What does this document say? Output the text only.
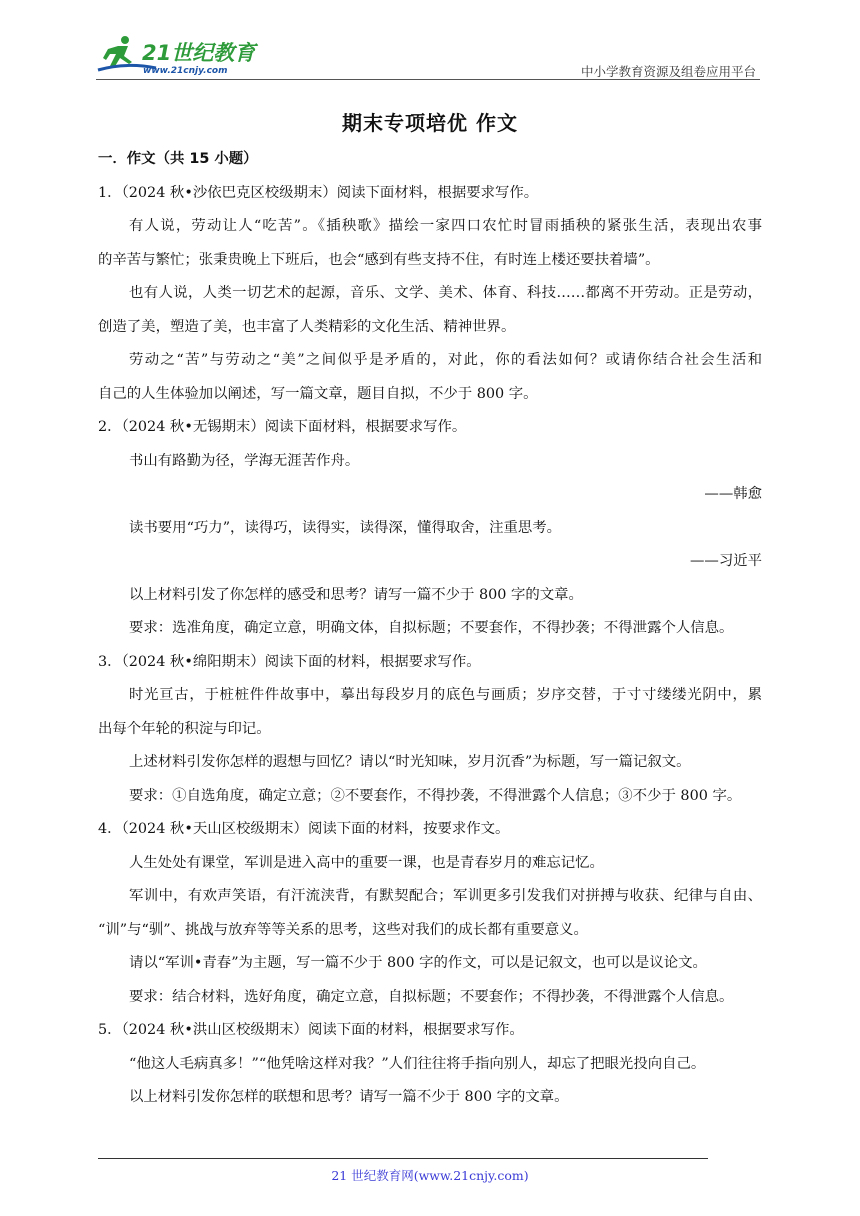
21世纪教育
www.21cnjy.com	中小学教育资源及组卷应用平台
期末专项培优 作文
一．作文（共 15 小题）
1．（2024 秋•沙依巴克区校级期末）阅读下面材料，根据要求写作。
有人说，劳动让人“吃苦”。《插秧歌》描绘一家四口农忙时冒雨插秧的紧张生活，表现出农事
的辛苦与繁忙；张秉贵晚上下班后，也会“感到有些支持不住，有时连上楼还要扶着墙”。
也有人说，人类一切艺术的起源，音乐、文学、美术、体育、科技……都离不开劳动。正是劳动，
创造了美，塑造了美，也丰富了人类精彩的文化生活、精神世界。
劳动之“苦”与劳动之“美”之间似乎是矛盾的，对此，你的看法如何？或请你结合社会生活和
自己的人生体验加以阐述，写一篇文章，题目自拟，不少于 800 字。
2．（2024 秋•无锡期末）阅读下面材料，根据要求写作。
书山有路勤为径，学海无涯苦作舟。
——韩愈
读书要用“巧力”，读得巧，读得实，读得深，懂得取舍，注重思考。
——习近平
以上材料引发了你怎样的感受和思考？请写一篇不少于 800 字的文章。
要求：选准角度，确定立意，明确文体，自拟标题；不要套作，不得抄袭；不得泄露个人信息。
3．（2024 秋•绵阳期末）阅读下面的材料，根据要求写作。
时光亘古，于桩桩件件故事中，摹出每段岁月的底色与画质；岁序交替，于寸寸缕缕光阴中，累
出每个年轮的积淀与印记。
上述材料引发你怎样的遐想与回忆？请以“时光知味，岁月沉香”为标题，写一篇记叙文。
要求：①自选角度，确定立意；②不要套作，不得抄袭，不得泄露个人信息；③不少于 800 字。
4．（2024 秋•天山区校级期末）阅读下面的材料，按要求作文。
人生处处有课堂，军训是进入高中的重要一课，也是青春岁月的难忘记忆。
军训中，有欢声笑语，有汗流浃背，有默契配合；军训更多引发我们对拼搏与收获、纪律与自由、
“训”与“驯”、挑战与放弃等等关系的思考，这些对我们的成长都有重要意义。
请以“军训•青春”为主题，写一篇不少于 800 字的作文，可以是记叙文，也可以是议论文。
要求：结合材料，选好角度，确定立意，自拟标题；不要套作；不得抄袭，不得泄露个人信息。
5．（2024 秋•洪山区校级期末）阅读下面的材料，根据要求写作。
“他这人毛病真多！”“他凭啥这样对我？”人们往往将手指向别人，却忘了把眼光投向自己。
以上材料引发你怎样的联想和思考？请写一篇不少于 800 字的文章。
21 世纪教育网(www.21cnjy.com)
